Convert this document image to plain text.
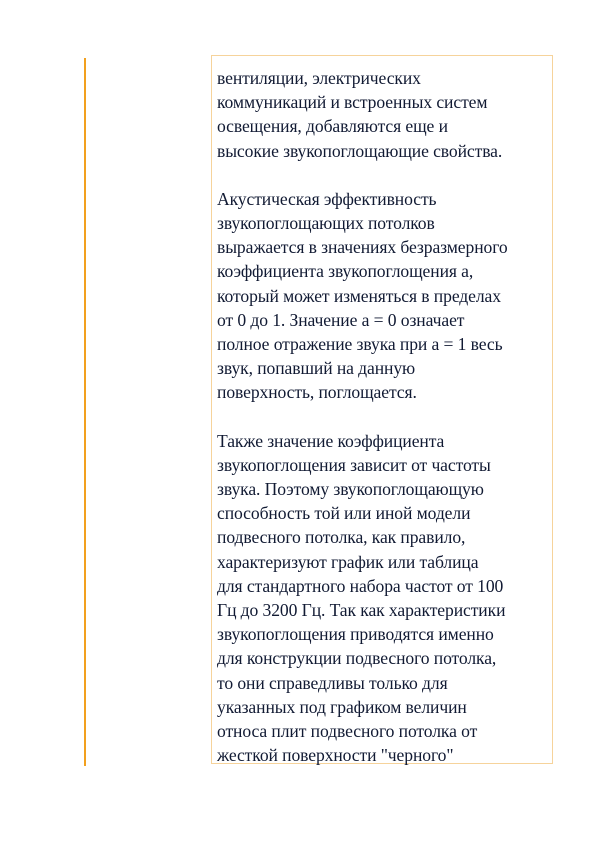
вентиляции, электрических
коммуникаций и встроенных систем
освещения, добавляются еще и
высокие звукопоглощающие свойства.

Акустическая эффективность
звукопоглощающих потолков
выражается в значениях безразмерного
коэффициента звукопоглощения а,
который может изменяться в пределах
от 0 до 1. Значение а = 0 означает
полное отражение звука при а = 1 весь
звук, попавший на данную
поверхность, поглощается.

Также значение коэффициента
звукопоглощения зависит от частоты
звука. Поэтому звукопоглощающую
способность той или иной модели
подвесного потолка, как правило,
характеризуют график или таблица
для стандартного набора частот от 100
Гц до 3200 Гц. Так как характеристики
звукопоглощения приводятся именно
для конструкции подвесного потолка,
то они справедливы только для
указанных под графиком величин
относа плит подвесного потолка от
жесткой поверхности "черного"
